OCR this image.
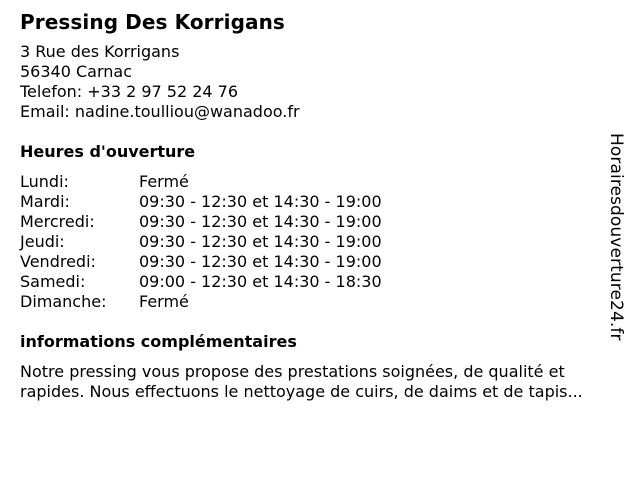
Pressing Des Korrigans
3 Rue des Korrigans
56340 Carnac
Telefon: +33 2 97 52 24 76
Email: nadine.toulliou@wanadoo.fr
Heures d'ouverture
Lundi:	Fermé
Mardi:	09:30 - 12:30 et 14:30 - 19:00
Mercredi:	09:30 - 12:30 et 14:30 - 19:00
Jeudi:	09:30 - 12:30 et 14:30 - 19:00
Vendredi:	09:30 - 12:30 et 14:30 - 19:00
Samedi:	09:00 - 12:30 et 14:30 - 18:30
Dimanche:	Fermé
informations complémentaires
Notre pressing vous propose des prestations soignées, de qualité et rapides. Nous effectuons le nettoyage de cuirs, de daims et de tapis...
Horairesdouverture24.fr
